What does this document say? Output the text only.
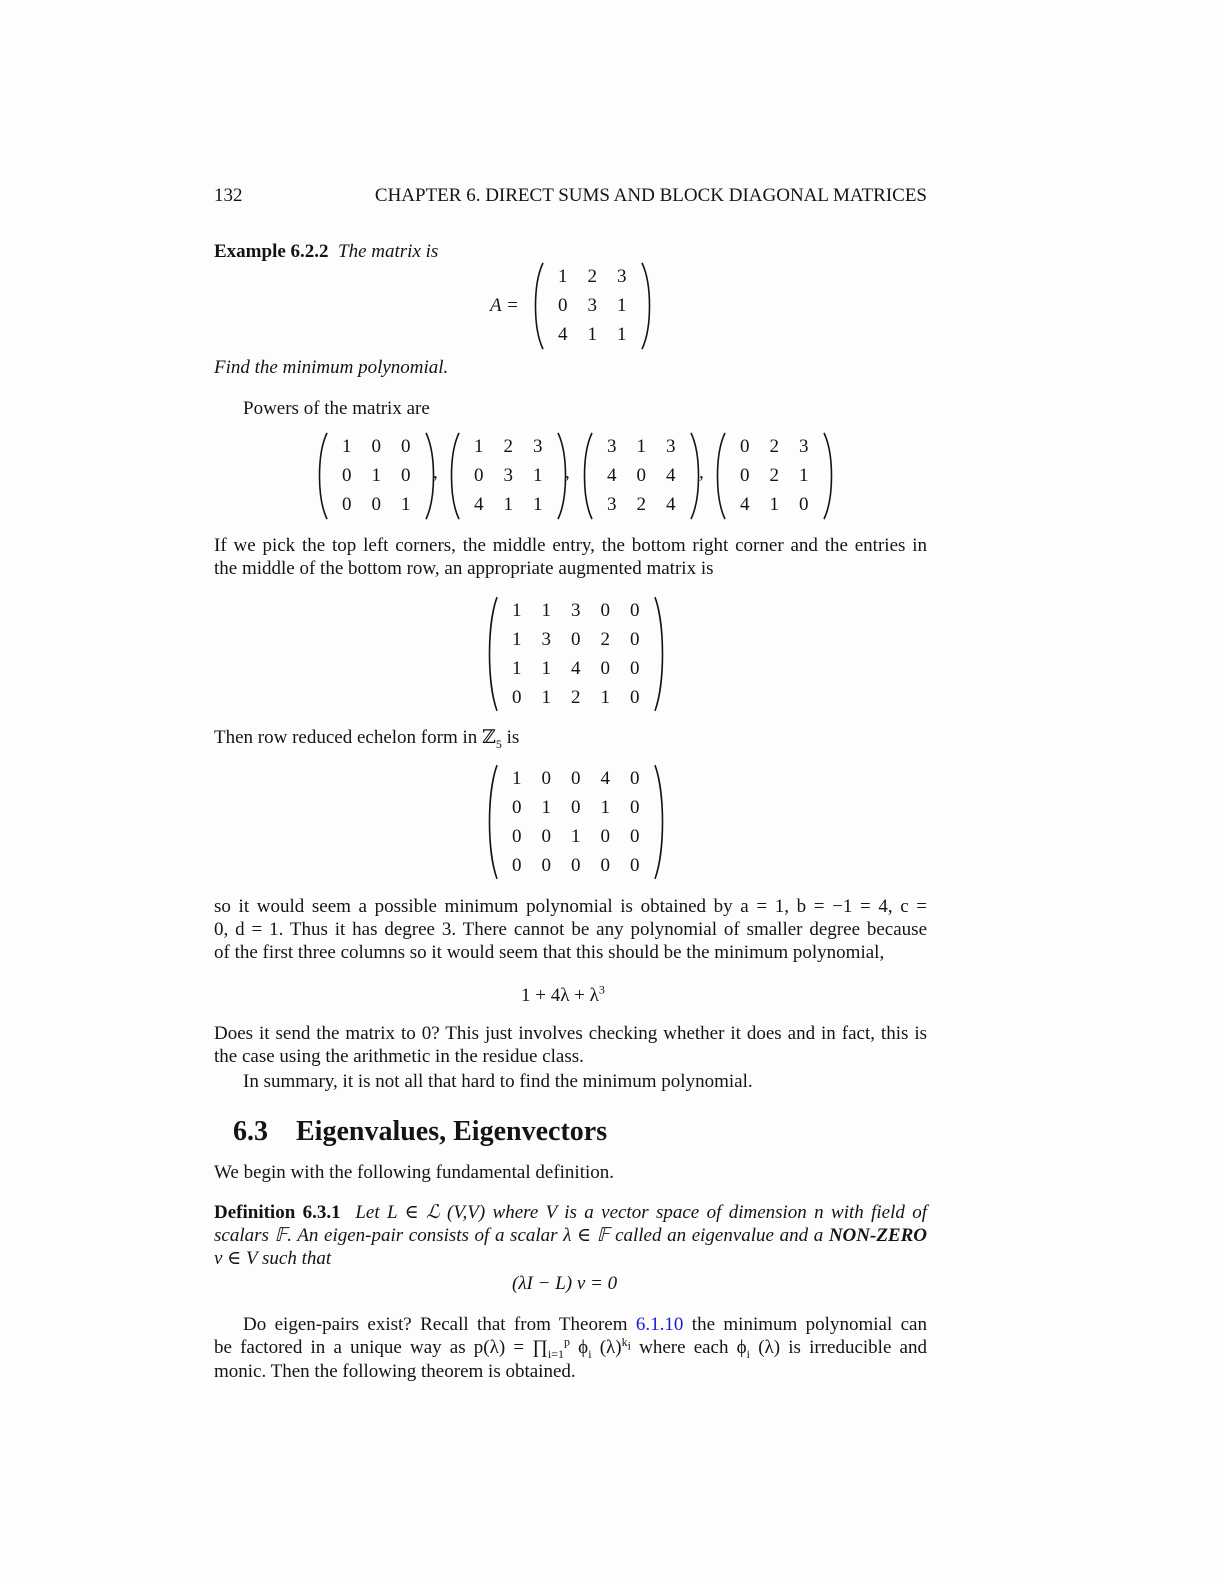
132	CHAPTER 6. DIRECT SUMS AND BLOCK DIAGONAL MATRICES
Example 6.2.2 The matrix is
A =
1	2	3
0	3	1
4	1	1
Find the minimum polynomial.
Powers of the matrix are
1	0	0
0	1	0
0	0	1
,
1	2	3
0	3	1
4	1	1
,
3	1	3
4	0	4
3	2	4
,
0	2	3
0	2	1
4	1	0
If we pick the top left corners, the middle entry, the bottom right corner and the entries in
the middle of the bottom row, an appropriate augmented matrix is
1	1	3	0	0
1	3	0	2	0
1	1	4	0	0
0	1	2	1	0
Then row reduced echelon form in ℤ$_5$ is
1	0	0	4	0
0	1	0	1	0
0	0	1	0	0
0	0	0	0	0
so it would seem a possible minimum polynomial is obtained by a = 1, b = −1 = 4, c =
0, d = 1. Thus it has degree 3. There cannot be any polynomial of smaller degree because
of the first three columns so it would seem that this should be the minimum polynomial,
$1 + 4\lambda + \lambda^3$
Does it send the matrix to 0? This just involves checking whether it does and in fact, this is
the case using the arithmetic in the residue class.
In summary, it is not all that hard to find the minimum polynomial.
6.3 Eigenvalues, Eigenvectors
We begin with the following fundamental definition.
Definition 6.3.1 Let L ∈ ℒ (V,V) where V is a vector space of dimension n with field of
scalars 𝔽. An eigen-pair consists of a scalar λ ∈ 𝔽 called an eigenvalue and a NON-ZERO
v ∈ V such that
(λI − L) v = 0
Do eigen-pairs exist? Recall that from Theorem 6.1.10 the minimum polynomial can
be factored in a unique way as $p(\lambda) = \prod_{i=1}^p$ $\phi_i$ $(\lambda)^{k_i}$ where each $\phi_i$ (λ) is irreducible and
monic. Then the following theorem is obtained.
